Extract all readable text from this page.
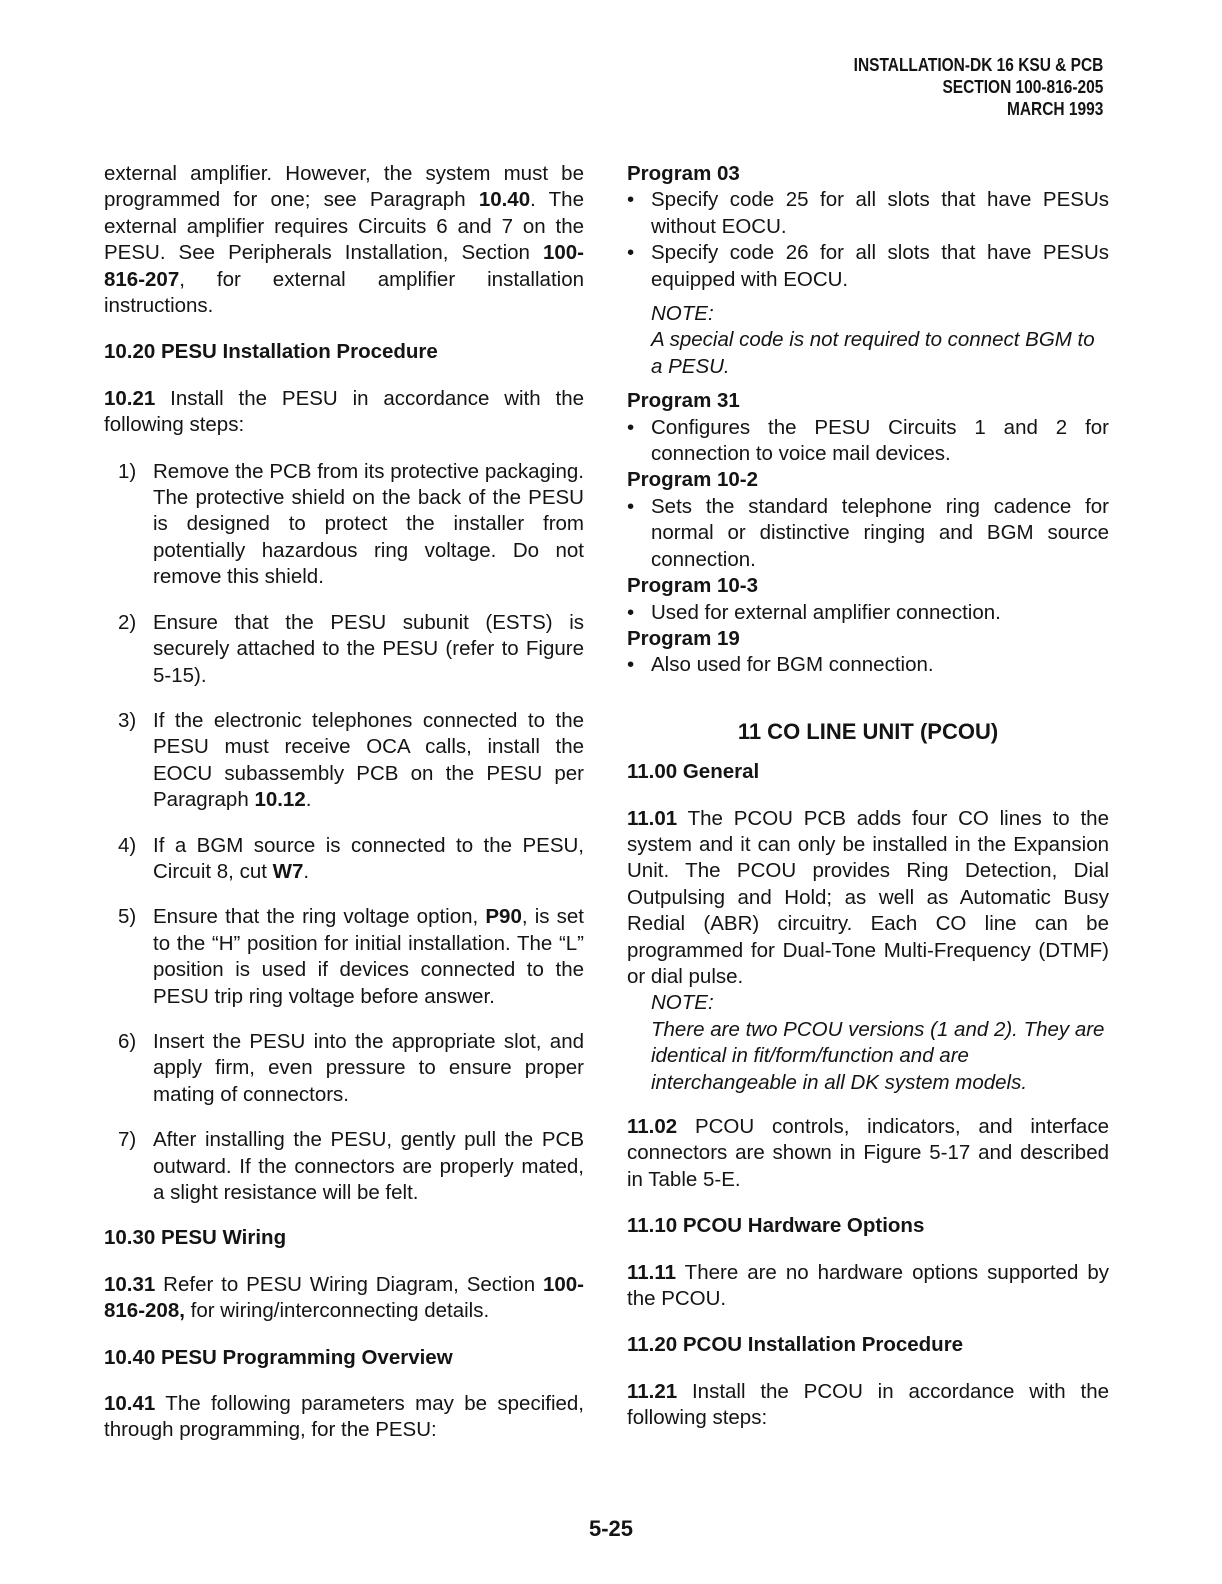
INSTALLATION-DK 16 KSU & PCB
SECTION 100-816-205
MARCH 1993

external amplifier. However, the system must be programmed for one; see Paragraph 10.40. The external amplifier requires Circuits 6 and 7 on the PESU. See Peripherals Installation, Section 100-816-207, for external amplifier installation instructions.

10.20 PESU Installation Procedure

10.21 Install the PESU in accordance with the following steps:

1) Remove the PCB from its protective packaging. The protective shield on the back of the PESU is designed to protect the installer from potentially hazardous ring voltage. Do not remove this shield.
2) Ensure that the PESU subunit (ESTS) is securely attached to the PESU (refer to Figure 5-15).
3) If the electronic telephones connected to the PESU must receive OCA calls, install the EOCU subassembly PCB on the PESU per Paragraph 10.12.
4) If a BGM source is connected to the PESU, Circuit 8, cut W7.
5) Ensure that the ring voltage option, P90, is set to the “H” position for initial installation. The “L” position is used if devices connected to the PESU trip ring voltage before answer.
6) Insert the PESU into the appropriate slot, and apply firm, even pressure to ensure proper mating of connectors.
7) After installing the PESU, gently pull the PCB outward. If the connectors are properly mated, a slight resistance will be felt.

10.30 PESU Wiring

10.31 Refer to PESU Wiring Diagram, Section 100-816-208, for wiring/interconnecting details.

10.40 PESU Programming Overview

10.41 The following parameters may be specified, through programming, for the PESU:

Program 03

• Specify code 25 for all slots that have PESUs without EOCU.
• Specify code 26 for all slots that have PESUs equipped with EOCU.
NOTE:
A special code is not required to connect BGM to a PESU.

Program 31

• Configures the PESU Circuits 1 and 2 for connection to voice mail devices.

Program 10-2

• Sets the standard telephone ring cadence for normal or distinctive ringing and BGM source connection.

Program 10-3

• Used for external amplifier connection.

Program 19

• Also used for BGM connection.
11 CO LINE UNIT (PCOU)

11.00 General

11.01 The PCOU PCB adds four CO lines to the system and it can only be installed in the Expansion Unit. The PCOU provides Ring Detection, Dial Outpulsing and Hold; as well as Automatic Busy Redial (ABR) circuitry. Each CO line can be programmed for Dual-Tone Multi-Frequency (DTMF) or dial pulse.

NOTE:
There are two PCOU versions (1 and 2). They are identical in fit/form/function and are interchangeable in all DK system models.

11.02 PCOU controls, indicators, and interface connectors are shown in Figure 5-17 and described in Table 5-E.

11.10 PCOU Hardware Options

11.11 There are no hardware options supported by the PCOU.

11.20 PCOU Installation Procedure

11.21 Install the PCOU in accordance with the following steps:

5-25
